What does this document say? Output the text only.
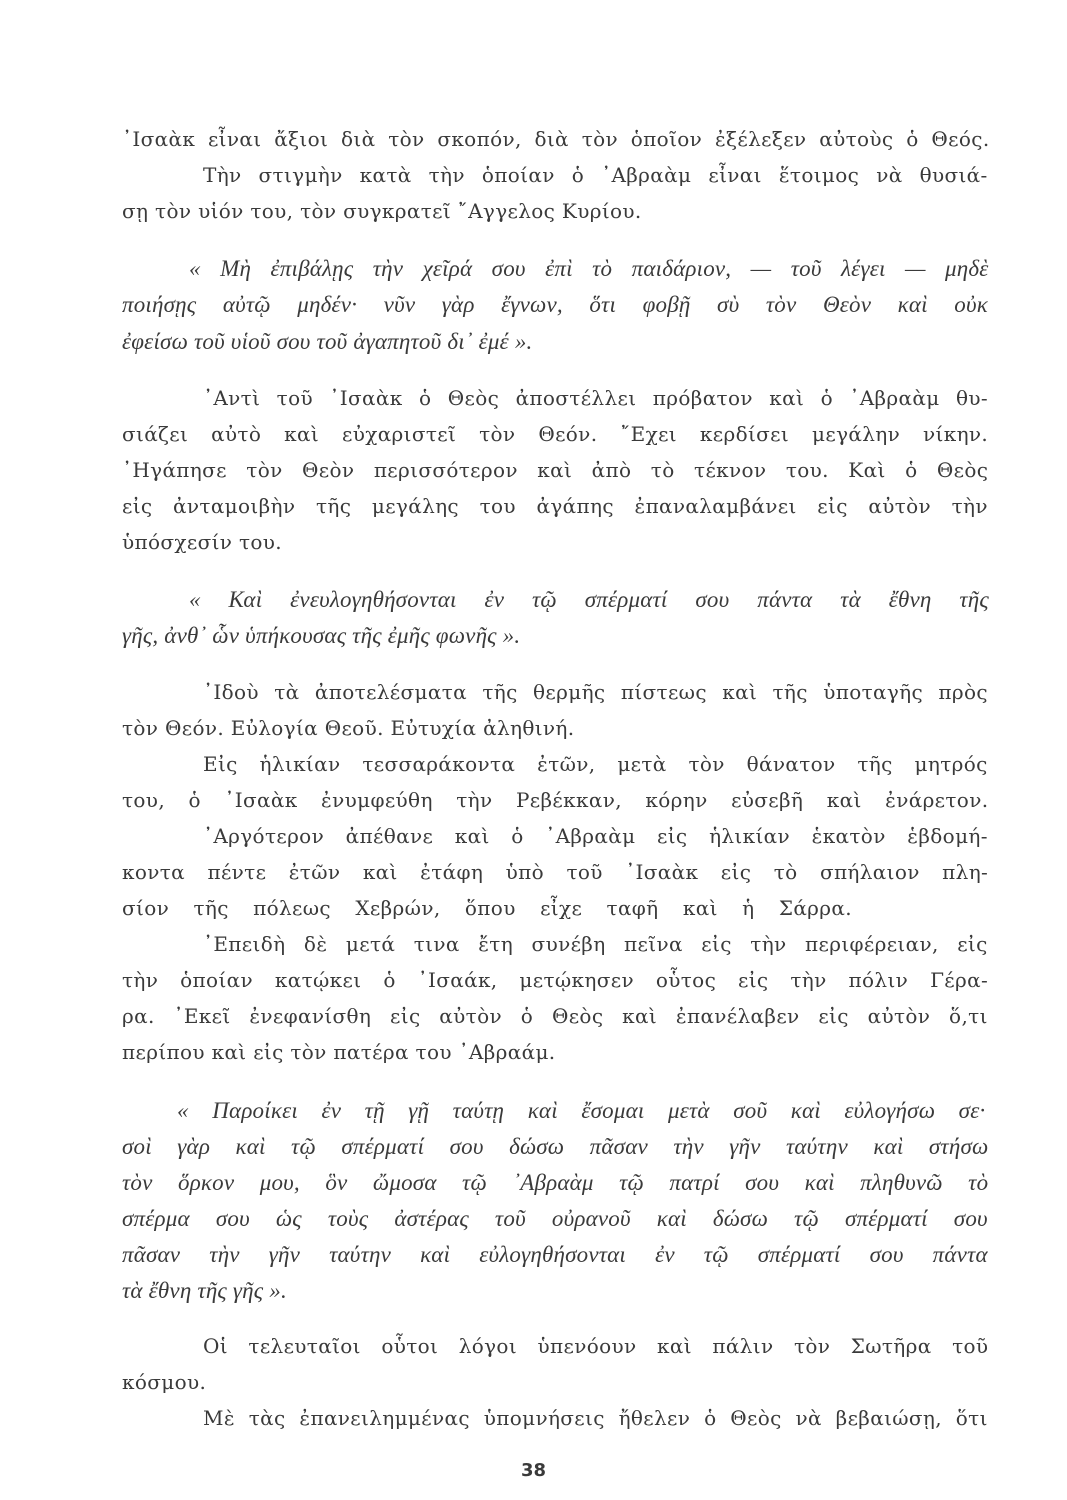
᾽Ισαὰκ εἶναι ἄξιοι διὰ τὸν σκοπόν, διὰ τὸν ὁποῖον ἐξέλεξεν αὐτοὺς ὁ Θεός.
Τὴν στιγμὴν κατὰ τὴν ὁποίαν ὁ ᾽Αβραὰμ εἶναι ἕτοιμος νὰ θυσιά-
σῃ τὸν υἱόν του, τὸν συγκρατεῖ ῎Αγγελος Κυρίου.
« Μὴ ἐπιβάλῃς τὴν χεῖρά σου ἐπὶ τὸ παιδάριον, — τοῦ λέγει — μηδὲ
ποιήσῃς αὐτῷ μηδέν· νῦν γὰρ ἔγνων, ὅτι φοβῇ σὺ τὸν Θεὸν καὶ οὐκ
ἐφείσω τοῦ υἱοῦ σου τοῦ ἀγαπητοῦ δι᾽ ἐμέ ».
᾽Αντὶ τοῦ ᾽Ισαὰκ ὁ Θεὸς ἀποστέλλει πρόβατον καὶ ὁ ᾽Αβραὰμ θυ-
σιάζει αὐτὸ καὶ εὐχαριστεῖ τὸν Θεόν. ῎Εχει κερδίσει μεγάλην νίκην.
᾽Ηγάπησε τὸν Θεὸν περισσότερον καὶ ἀπὸ τὸ τέκνον του. Καὶ ὁ Θεὸς
εἰς ἀνταμοιβὴν τῆς μεγάλης του ἀγάπης ἐπαναλαμβάνει εἰς αὐτὸν τὴν
ὑπόσχεσίν του.
« Καὶ ἐνευλογηθήσονται ἐν τῷ σπέρματί σου πάντα τὰ ἔθνη τῆς
γῆς, ἀνθ᾽ ὧν ὑπήκουσας τῆς ἐμῆς φωνῆς ».
᾽Ιδοὺ τὰ ἀποτελέσματα τῆς θερμῆς πίστεως καὶ τῆς ὑποταγῆς πρὸς
τὸν Θεόν. Εὐλογία Θεοῦ. Εὐτυχία ἀληθινή.
Εἰς ἡλικίαν τεσσαράκοντα ἐτῶν, μετὰ τὸν θάνατον τῆς μητρός
του, ὁ ᾽Ισαὰκ ἐνυμφεύθη τὴν Ρεβέκκαν, κόρην εὐσεβῆ καὶ ἐνάρετον.
᾽Αργότερον ἀπέθανε καὶ ὁ ᾽Αβραὰμ εἰς ἡλικίαν ἑκατὸν ἑβδομή-
κοντα πέντε ἐτῶν καὶ ἐτάφη ὑπὸ τοῦ ᾽Ισαὰκ εἰς τὸ σπήλαιον πλη-
σίον τῆς πόλεως Χεβρών, ὅπου εἶχε ταφῆ καὶ ἡ Σάρρα.
᾽Επειδὴ δὲ μετά τινα ἔτη συνέβη πεῖνα εἰς τὴν περιφέρειαν, εἰς
τὴν ὁποίαν κατῴκει ὁ ᾽Ισαάκ, μετῴκησεν οὗτος εἰς τὴν πόλιν Γέρα-
ρα. ᾽Εκεῖ ἐνεφανίσθη εἰς αὐτὸν ὁ Θεὸς καὶ ἐπανέλαβεν εἰς αὐτὸν ὅ,τι
περίπου καὶ εἰς τὸν πατέρα του ᾽Αβραάμ.
« Παροίκει ἐν τῇ γῇ ταύτῃ καὶ ἔσομαι μετὰ σοῦ καὶ εὐλογήσω σε·
σοὶ γὰρ καὶ τῷ σπέρματί σου δώσω πᾶσαν τὴν γῆν ταύτην καὶ στήσω
τὸν ὅρκον μου, ὃν ὤμοσα τῷ ᾽Αβραὰμ τῷ πατρί σου καὶ πληθυνῶ τὸ
σπέρμα σου ὡς τοὺς ἀστέρας τοῦ οὐρανοῦ καὶ δώσω τῷ σπέρματί σου
πᾶσαν τὴν γῆν ταύτην καὶ εὐλογηθήσονται ἐν τῷ σπέρματί σου πάντα
τὰ ἔθνη τῆς γῆς ».
Οἱ τελευταῖοι οὗτοι λόγοι ὑπενόουν καὶ πάλιν τὸν Σωτῆρα τοῦ
κόσμου.
Μὲ τὰς ἐπανειλημμένας ὑπομνήσεις ἤθελεν ὁ Θεὸς νὰ βεβαιώσῃ, ὅτι
38
